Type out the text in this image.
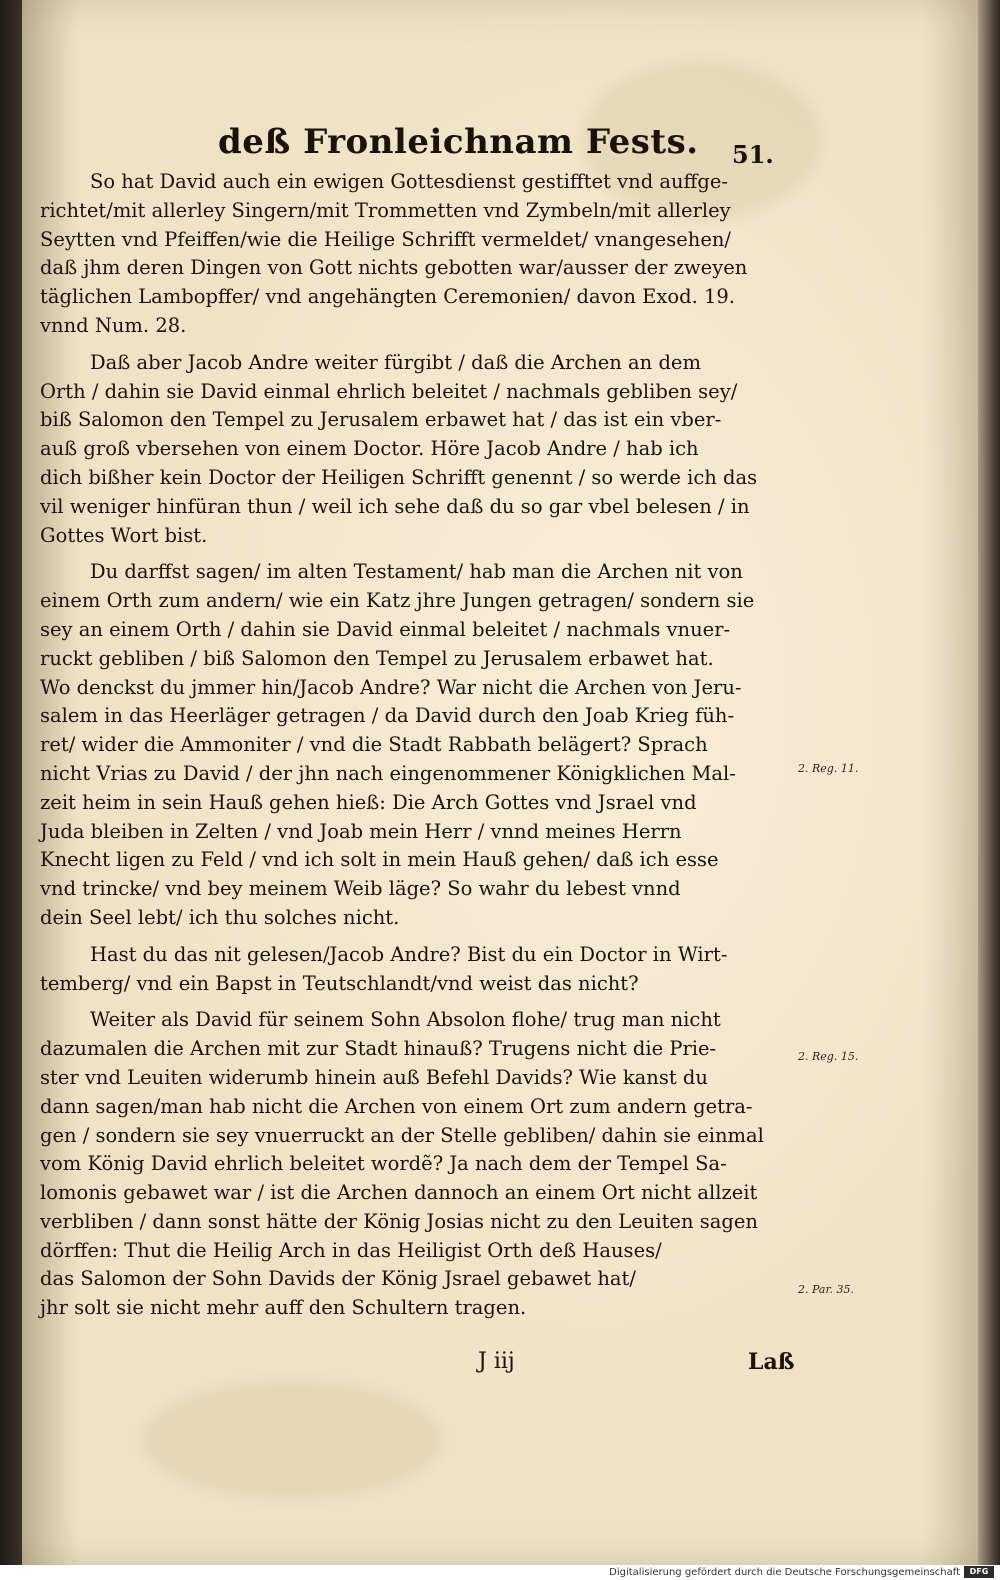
deß Fronleichnam Fests. 51.
So hat David auch ein ewigen Gottesdienst gestifftet vnd auffge-
richtet/mit allerley Singern/mit Trommetten vnd Zymbeln/mit allerley
Seytten vnd Pfeiffen/wie die Heilige Schrifft vermeldet/ vnangesehen/
daß jhm deren Dingen von Gott nichts gebotten war/ausser der zweyen
täglichen Lambopffer/ vnd angehängten Ceremonien/ davon Exod. 19.
vnnd Num. 28.
Daß aber Jacob Andre weiter fürgibt / daß die Archen an dem
Orth / dahin sie David einmal ehrlich beleitet / nachmals gebliben sey/
biß Salomon den Tempel zu Jerusalem erbawet hat / das ist ein vber-
auß groß vbersehen von einem Doctor. Höre Jacob Andre / hab ich
dich bißher kein Doctor der Heiligen Schrifft genennt / so werde ich das
vil weniger hinfüran thun / weil ich sehe daß du so gar vbel belesen / in
Gottes Wort bist.
Du darffst sagen/ im alten Testament/ hab man die Archen nit von
einem Orth zum andern/ wie ein Katz jhre Jungen getragen/ sondern sie
sey an einem Orth / dahin sie David einmal beleitet / nachmals vnuer-
ruckt gebliben / biß Salomon den Tempel zu Jerusalem erbawet hat.
Wo denckst du jmmer hin/Jacob Andre? War nicht die Archen von Jeru-
salem in das Heerläger getragen / da David durch den Joab Krieg füh-
ret/ wider die Ammoniter / vnd die Stadt Rabbath belägert? Sprach
nicht Vrias zu David / der jhn nach eingenommener Königklichen Mal-
zeit heim in sein Hauß gehen hieß: Die Arch Gottes vnd Jsrael vnd
Juda bleiben in Zelten / vnd Joab mein Herr / vnnd meines Herrn
Knecht ligen zu Feld / vnd ich solt in mein Hauß gehen/ daß ich esse
vnd trincke/ vnd bey meinem Weib läge? So wahr du lebest vnnd
dein Seel lebt/ ich thu solches nicht.
Hast du das nit gelesen/Jacob Andre? Bist du ein Doctor in Wirt-
temberg/ vnd ein Bapst in Teutschlandt/vnd weist das nicht?
Weiter als David für seinem Sohn Absolon flohe/ trug man nicht
dazumalen die Archen mit zur Stadt hinauß? Trugens nicht die Prie-
ster vnd Leuiten widerumb hinein auß Befehl Davids? Wie kanst du
dann sagen/man hab nicht die Archen von einem Ort zum andern getra-
gen / sondern sie sey vnuerruckt an der Stelle gebliben/ dahin sie einmal
vom König David ehrlich beleitet wordẽ? Ja nach dem der Tempel Sa-
lomonis gebawet war / ist die Archen dannoch an einem Ort nicht allzeit
verbliben / dann sonst hätte der König Josias nicht zu den Leuiten sagen
dörffen: Thut die Heilig Arch in das Heiligist Orth deß Hauses/
das Salomon der Sohn Davids der König Jsrael gebawet hat/
jhr solt sie nicht mehr auff den Schultern tragen.
2. Reg. 11.
2. Reg. 15.
2. Par. 35.
J iij	Laß
Digitalisierung gefördert durch die Deutsche Forschungsgemeinschaft	DFG
